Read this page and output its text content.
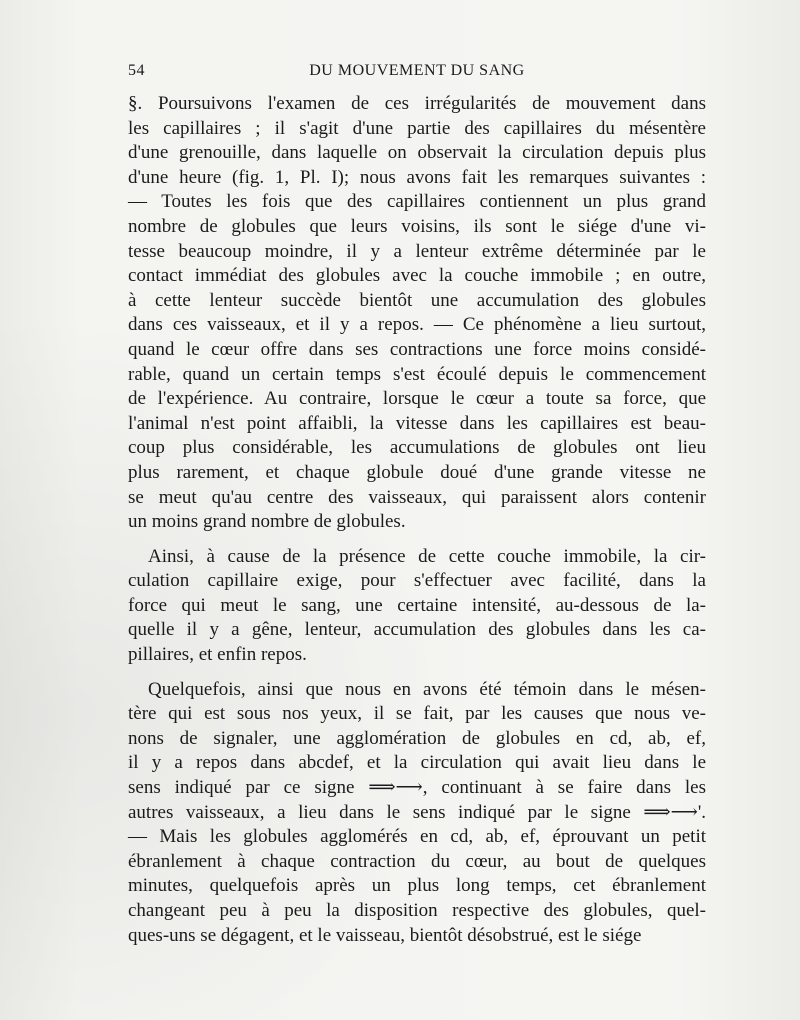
54	DU MOUVEMENT DU SANG
§. Poursuivons l'examen de ces irrégularités de mouvement dans
les capillaires ; il s'agit d'une partie des capillaires du mésentère
d'une grenouille, dans laquelle on observait la circulation depuis plus
d'une heure (fig. 1, Pl. I); nous avons fait les remarques suivantes :
— Toutes les fois que des capillaires contiennent un plus grand
nombre de globules que leurs voisins, ils sont le siége d'une vi-
tesse beaucoup moindre, il y a lenteur extrême déterminée par le
contact immédiat des globules avec la couche immobile ; en outre,
à cette lenteur succède bientôt une accumulation des globules
dans ces vaisseaux, et il y a repos. — Ce phénomène a lieu surtout,
quand le cœur offre dans ses contractions une force moins considé-
rable, quand un certain temps s'est écoulé depuis le commencement
de l'expérience. Au contraire, lorsque le cœur a toute sa force, que
l'animal n'est point affaibli, la vitesse dans les capillaires est beau-
coup plus considérable, les accumulations de globules ont lieu
plus rarement, et chaque globule doué d'une grande vitesse ne
se meut qu'au centre des vaisseaux, qui paraissent alors contenir
un moins grand nombre de globules.
Ainsi, à cause de la présence de cette couche immobile, la cir-
culation capillaire exige, pour s'effectuer avec facilité, dans la
force qui meut le sang, une certaine intensité, au-dessous de la-
quelle il y a gêne, lenteur, accumulation des globules dans les ca-
pillaires, et enfin repos.
Quelquefois, ainsi que nous en avons été témoin dans le mésen-
tère qui est sous nos yeux, il se fait, par les causes que nous ve-
nons de signaler, une agglomération de globules en cd, ab, ef,
il y a repos dans abcdef, et la circulation qui avait lieu dans le
sens indiqué par ce signe ⟹⟶, continuant à se faire dans les
autres vaisseaux, a lieu dans le sens indiqué par le signe ⟹⟶'.
— Mais les globules agglomérés en cd, ab, ef, éprouvant un petit
ébranlement à chaque contraction du cœur, au bout de quelques
minutes, quelquefois après un plus long temps, cet ébranlement
changeant peu à peu la disposition respective des globules, quel-
ques-uns se dégagent, et le vaisseau, bientôt désobstrué, est le siége
